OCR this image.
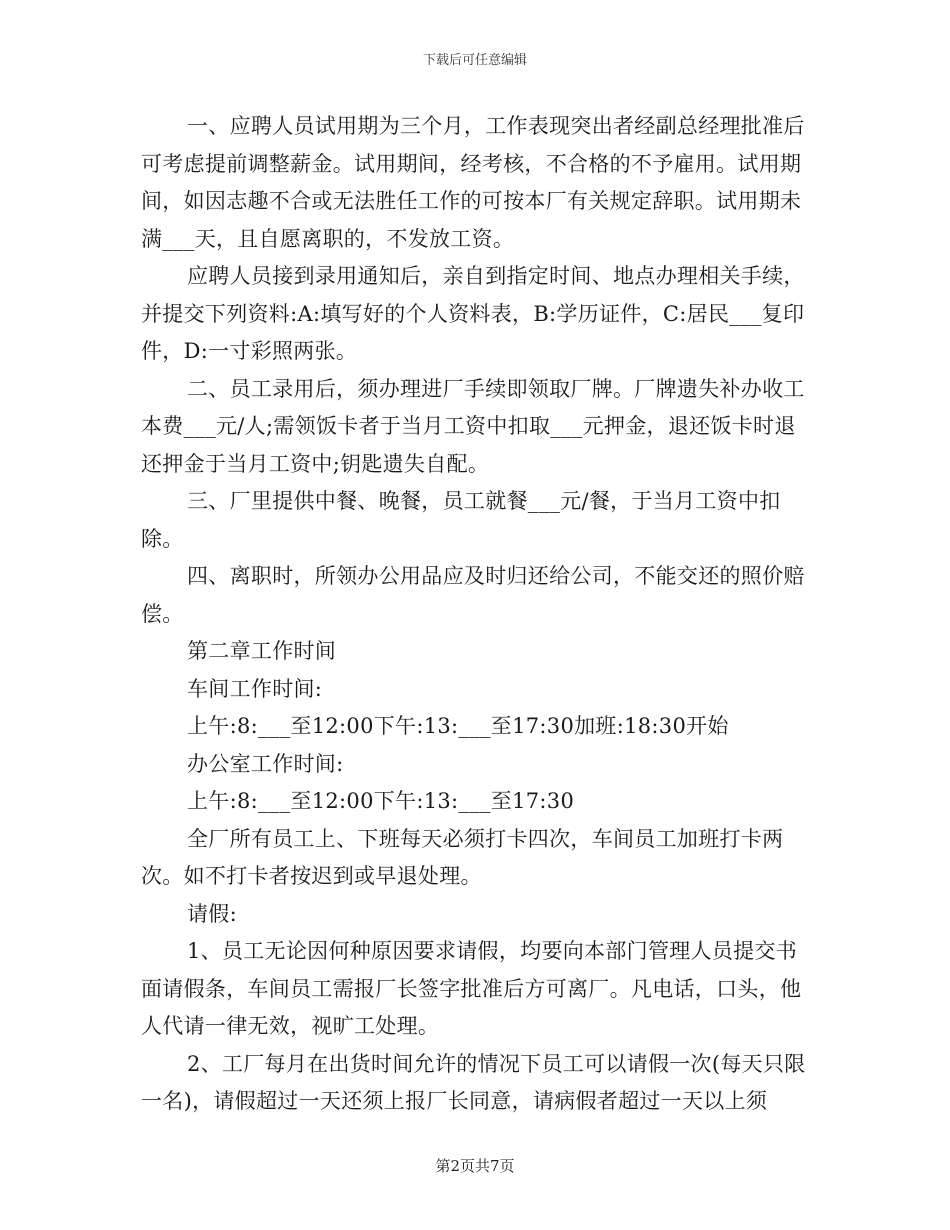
下载后可任意编辑

一、应聘人员试用期为三个月，工作表现突出者经副总经理批准后可考虑提前调整薪金。试用期间，经考核，不合格的不予雇用。试用期间，如因志趣不合或无法胜任工作的可按本厂有关规定辞职。试用期未满___天，且自愿离职的，不发放工资。

应聘人员接到录用通知后，亲自到指定时间、地点办理相关手续，并提交下列资料:A:填写好的个人资料表，B:学历证件，C:居民___复印件，D:一寸彩照两张。

二、员工录用后，须办理进厂手续即领取厂牌。厂牌遗失补办收工本费___元/人;需领饭卡者于当月工资中扣取___元押金，退还饭卡时退还押金于当月工资中;钥匙遗失自配。

三、厂里提供中餐、晚餐，员工就餐___元/餐，于当月工资中扣除。

四、离职时，所领办公用品应及时归还给公司，不能交还的照价赔偿。

第二章工作时间

车间工作时间:

上午:8:___至12:00下午:13:___至17:30加班:18:30开始

办公室工作时间:

上午:8:___至12:00下午:13:___至17:30

全厂所有员工上、下班每天必须打卡四次，车间员工加班打卡两次。如不打卡者按迟到或早退处理。

请假:

1、员工无论因何种原因要求请假，均要向本部门管理人员提交书面请假条，车间员工需报厂长签字批准后方可离厂。凡电话，口头，他人代请一律无效，视旷工处理。

2、工厂每月在出货时间允许的情况下员工可以请假一次(每天只限一名)，请假超过一天还须上报厂长同意，请病假者超过一天以上须

第2页共7页
